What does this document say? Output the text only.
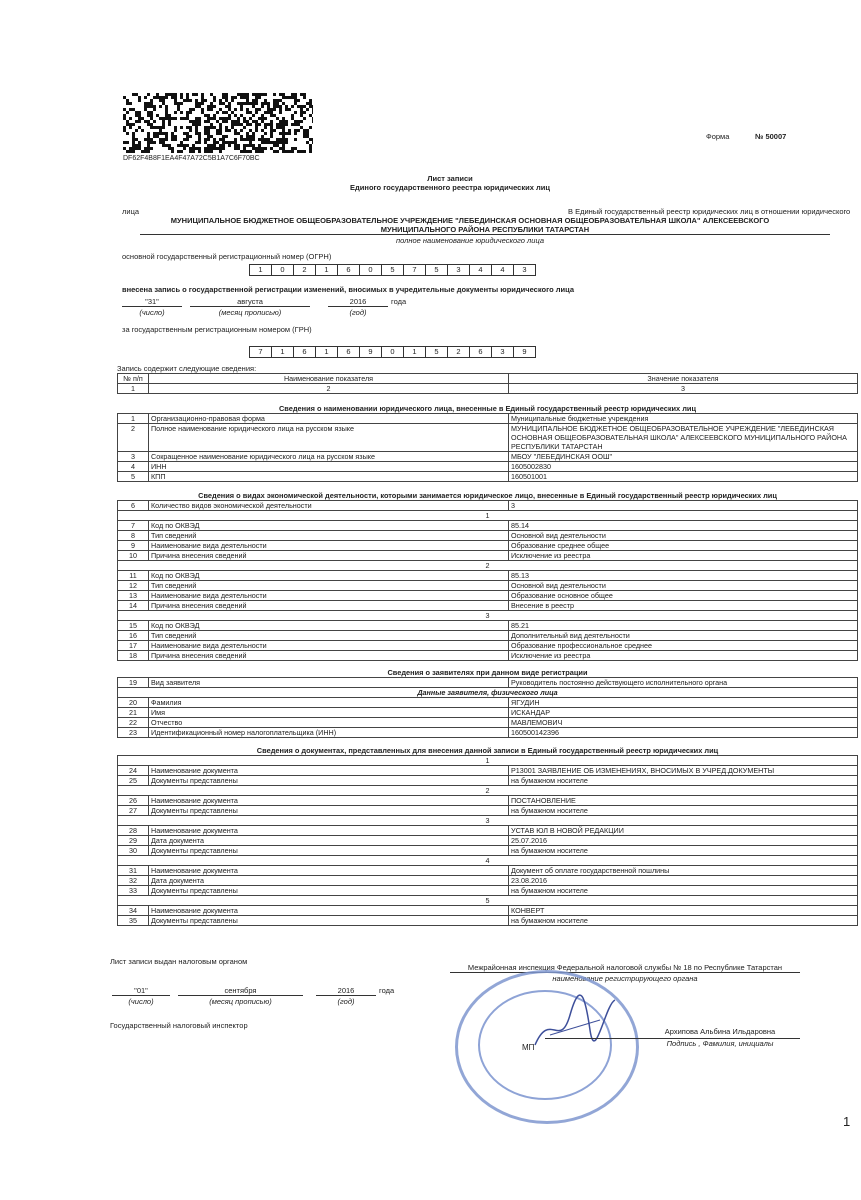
DF62F4B8F1EA4F47A72C5B1A7C6F70BC
Форма	№ 50007
Лист записи
Единого государственного реестра юридических лиц
лица	В Единый государственный реестр юридических лиц в отношении юридического
МУНИЦИПАЛЬНОЕ БЮДЖЕТНОЕ ОБЩЕОБРАЗОВАТЕЛЬНОЕ УЧРЕЖДЕНИЕ "ЛЕБЕДИНСКАЯ ОСНОВНАЯ ОБЩЕОБРАЗОВАТЕЛЬНАЯ ШКОЛА" АЛЕКСЕЕВСКОГО
МУНИЦИПАЛЬНОГО РАЙОНА РЕСПУБЛИКИ ТАТАРСТАН
полное наименование юридического лица
основной государственный регистрационный номер (ОГРН)
1	0	2	1	6	0	5	7	5	3	4	4	3
внесена запись о государственной регистрации изменений, вносимых в учредительные документы юридического лица
"31"	августа	2016	года
(число)	(месяц прописью)	(год)
за государственным регистрационным номером (ГРН)
7	1	6	1	6	9	0	1	5	2	6	3	9
Запись содержит следующие сведения:
№ п/п	Наименование показателя	Значение показателя
1	2	3
Сведения о наименовании юридического лица, внесенные в Единый государственный реестр юридических лиц		
1	Организационно-правовая форма	Муниципальные бюджетные учреждения
2	Полное наименование юридического лица на русском языке	МУНИЦИПАЛЬНОЕ БЮДЖЕТНОЕ ОБЩЕОБРАЗОВАТЕЛЬНОЕ УЧРЕЖДЕНИЕ "ЛЕБЕДИНСКАЯ ОСНОВНАЯ ОБЩЕОБРАЗОВАТЕЛЬНАЯ ШКОЛА" АЛЕКСЕЕВСКОГО МУНИЦИПАЛЬНОГО РАЙОНА РЕСПУБЛИКИ ТАТАРСТАН
3	Сокращенное наименование юридического лица на русском языке	МБОУ "ЛЕБЕДИНСКАЯ ООШ"
4	ИНН	1605002830
5	КПП	160501001
Сведения о видах экономической деятельности, которыми занимается юридическое лицо, внесенные в Единый государственный реестр юридических лиц		
6	Количество видов экономической деятельности	3
1		
7	Код по ОКВЭД	85.14
8	Тип сведений	Основной вид деятельности
9	Наименование вида деятельности	Образование среднее общее
10	Причина внесения сведений	Исключение из реестра
2		
11	Код по ОКВЭД	85.13
12	Тип сведений	Основной вид деятельности
13	Наименование вида деятельности	Образование основное общее
14	Причина внесения сведений	Внесение в реестр
3		
15	Код по ОКВЭД	85.21
16	Тип сведений	Дополнительный вид деятельности
17	Наименование вида деятельности	Образование профессиональное среднее
18	Причина внесения сведений	Исключение из реестра
Сведения о заявителях при данном виде регистрации		
19	Вид заявителя	Руководитель постоянно действующего исполнительного органа
Данные заявителя, физического лица		
20	Фамилия	ЯГУДИН
21	Имя	ИСКАНДАР
22	Отчество	МАВЛЕМОВИЧ
23	Идентификационный номер налогоплательщика (ИНН)	160500142396
Сведения о документах, представленных для внесения данной записи в Единый государственный реестр юридических лиц		
1		
24	Наименование документа	Р13001 ЗАЯВЛЕНИЕ ОБ ИЗМЕНЕНИЯХ, ВНОСИМЫХ В УЧРЕД.ДОКУМЕНТЫ
25	Документы представлены	на бумажном носителе
2		
26	Наименование документа	ПОСТАНОВЛЕНИЕ
27	Документы представлены	на бумажном носителе
3		
28	Наименование документа	УСТАВ ЮЛ В НОВОЙ РЕДАКЦИИ
29	Дата документа	25.07.2016
30	Документы представлены	на бумажном носителе
4		
31	Наименование документа	Документ об оплате государственной пошлины
32	Дата документа	23.08.2016
33	Документы представлены	на бумажном носителе
5		
34	Наименование документа	КОНВЕРТ
35	Документы представлены	на бумажном носителе
Лист записи выдан налоговым органом
Межрайонная инспекция Федеральной налоговой службы № 18 по Республике Татарстан
наименование регистрирующего органа
"01"	сентября	2016	года
(число)	(месяц прописью)	(год)
Государственный налоговый инспектор
МП
Архипова Альбина Ильдаровна
Подпись , Фамилия, инициалы
1
